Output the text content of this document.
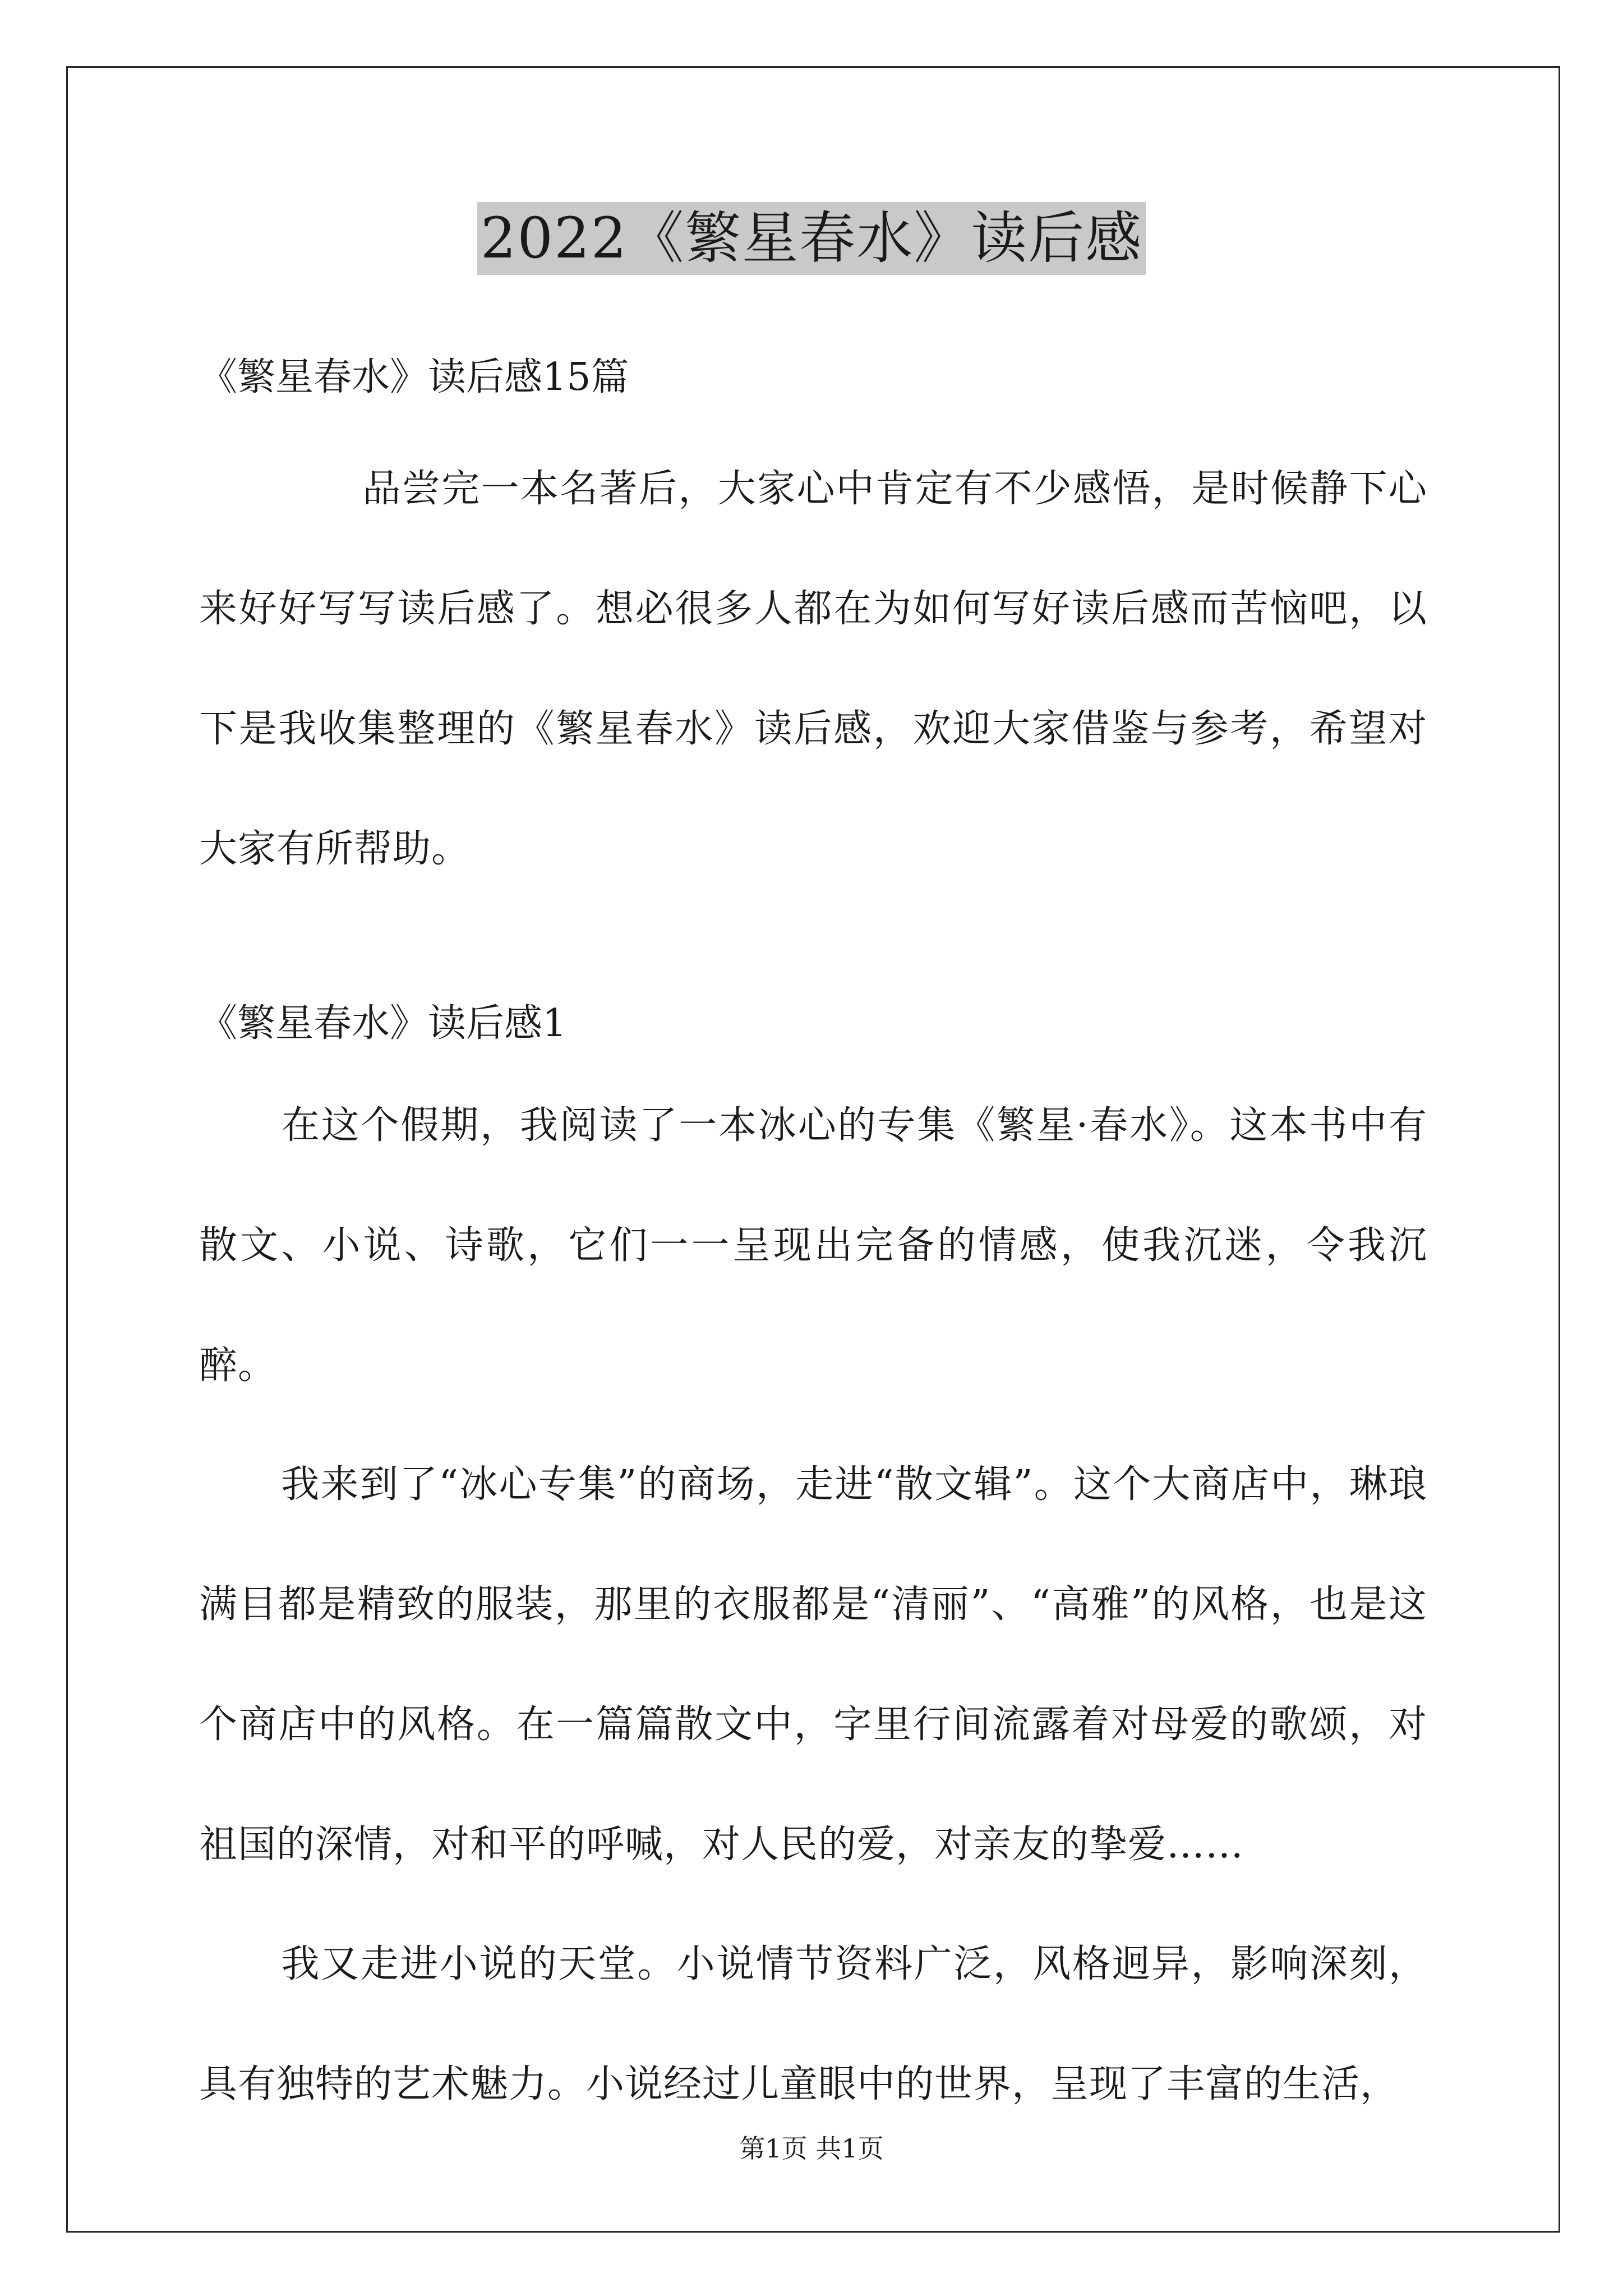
2022《繁星春水》读后感
《繁星春水》读后感15篇

品尝完一本名著后，大家心中肯定有不少感悟，是时候静下心来好好写写读后感了。想必很多人都在为如何写好读后感而苦恼吧，以下是我收集整理的《繁星春水》读后感，欢迎大家借鉴与参考，希望对大家有所帮助。

《繁星春水》读后感1

在这个假期，我阅读了一本冰心的专集《繁星·春水》。这本书中有散文、小说、诗歌，它们一一呈现出完备的情感，使我沉迷，令我沉醉。

我来到了“冰心专集”的商场，走进“散文辑”。这个大商店中，琳琅满目都是精致的服装，那里的衣服都是“清丽”、“高雅”的风格，也是这个商店中的风格。在一篇篇散文中，字里行间流露着对母爱的歌颂，对祖国的深情，对和平的呼喊，对人民的爱，对亲友的挚爱……

我又走进小说的天堂。小说情节资料广泛，风格迥异，影响深刻，具有独特的艺术魅力。小说经过儿童眼中的世界，呈现了丰富的生活，

第1页 共1页
